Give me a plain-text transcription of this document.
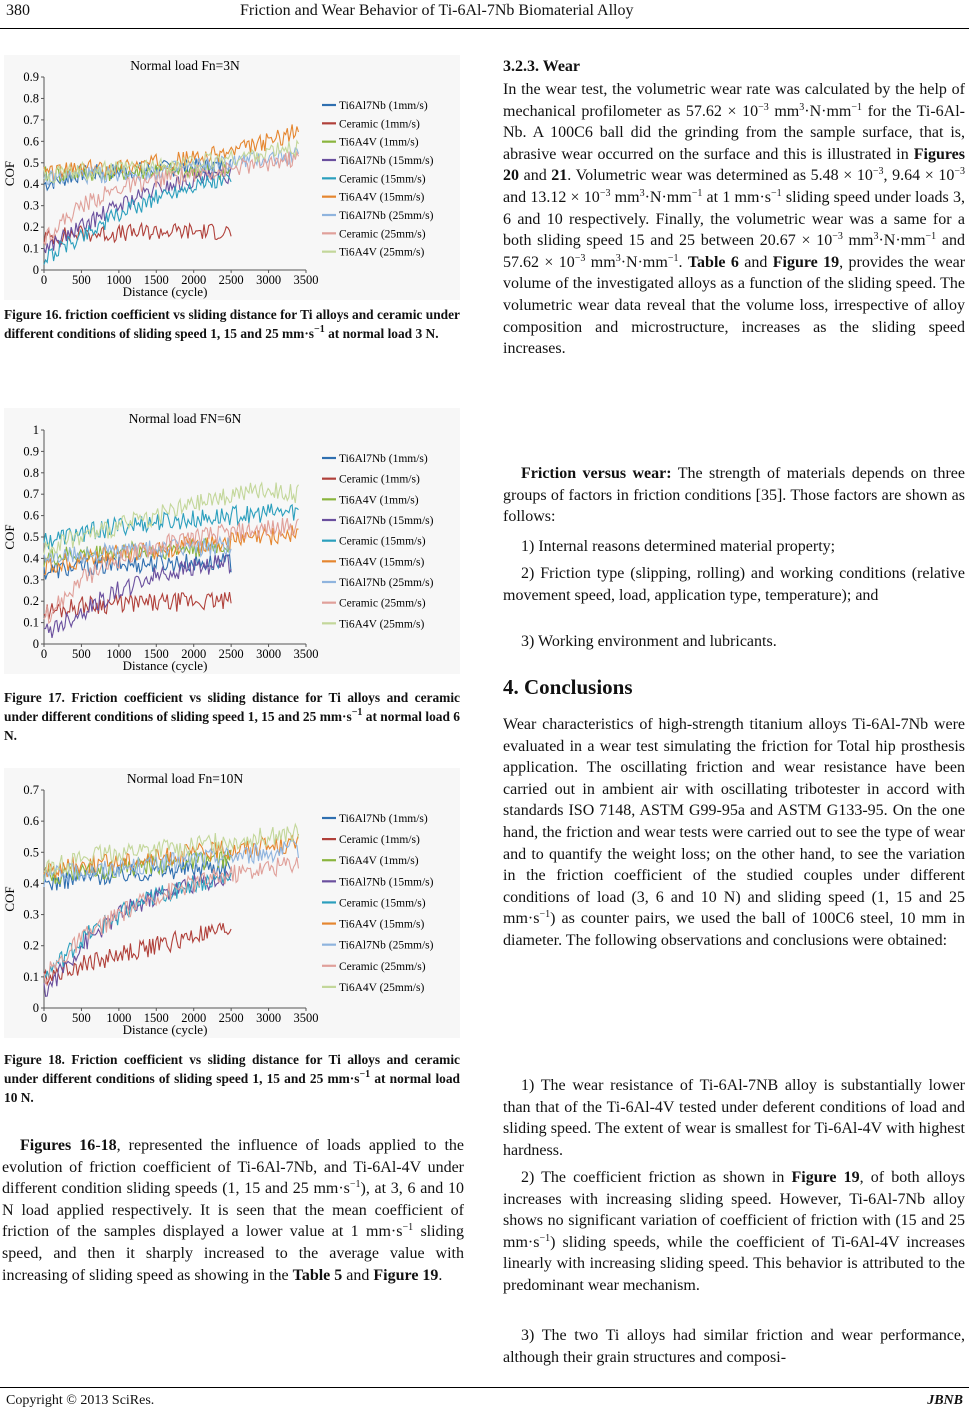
380	Friction and Wear Behavior of Ti-6Al-7Nb Biomaterial Alloy
Normal load Fn=3N
0
0.1
0.2
0.3
0.4
0.5
0.6
0.7
0.8
0.9
0 500 1000 1500 2000 2500 3000 3500
Distance (cycle)
COF
Ti6Al7Nb (1mm/s)
Ceramic (1mm/s)
Ti6A4V (1mm/s)
Ti6Al7Nb (15mm/s)
Ceramic (15mm/s)
Ti6A4V (15mm/s)
Ti6Al7Nb (25mm/s)
Ceramic (25mm/s)
Ti6A4V (25mm/s)
Figure 16. friction coefficient vs sliding distance for Ti alloys and ceramic under different conditions of sliding speed 1, 15 and 25 $mm\cdot s^{-1}$ at normal load 3 N.
Normal load FN=6N
0
0.1
0.2
0.3
0.4
0.5
0.6
0.7
0.8
0.9
1
0 500 1000 1500 2000 2500 3000 3500
Distance (cycle)
COF
Ti6Al7Nb (1mm/s)
Ceramic (1mm/s)
Ti6A4V (1mm/s)
Ti6Al7Nb (15mm/s)
Ceramic (15mm/s)
Ti6A4V (15mm/s)
Ti6Al7Nb (25mm/s)
Ceramic (25mm/s)
Ti6A4V (25mm/s)
Figure 17. Friction coefficient vs sliding distance for Ti alloys and ceramic under different conditions of sliding speed 1, 15 and 25 $mm\cdot s^{-1}$ at normal load 6 N.
Normal load Fn=10N
0
0.1
0.2
0.3
0.4
0.5
0.6
0.7
0 500 1000 1500 2000 2500 3000 3500
Distance (cycle)
COF
Ti6Al7Nb (1mm/s)
Ceramic (1mm/s)
Ti6A4V (1mm/s)
Ti6Al7Nb (15mm/s)
Ceramic (15mm/s)
Ti6A4V (15mm/s)
Ti6Al7Nb (25mm/s)
Ceramic (25mm/s)
Ti6A4V (25mm/s)
Figure 18. Friction coefficient vs sliding distance for Ti alloys and ceramic under different conditions of sliding speed 1, 15 and 25 $mm\cdot s^{-1}$ at normal load 10 N.

Figures 16-18, represented the influence of loads applied to the evolution of friction coefficient of Ti-6Al-7Nb, and Ti-6Al-4V under different condition sliding speeds (1, 15 and 25 $mm\cdot s^{-1}$), at 3, 6 and 10 N load applied respectively. It is seen that the mean coefficient of friction of the samples displayed a lower value at 1 $mm\cdot s^{-1}$ sliding speed, and then it sharply increased to the average value with increasing of sliding speed as showing in the Table 5 and Figure 19.

3.2.3. Wear

In the wear test, the volumetric wear rate was calculated by the help of mechanical profilometer as $57.62 \times 10^{-3}$ $mm^3\cdot N\cdot mm^{-1}$ for the Ti-6Al-Nb. A 100C6 ball did the grinding from the sample surface, that is, abrasive wear occurred on the surface and this is illustrated in Figures 20 and 21. Volumetric wear was determined as $5.48 \times 10^{-3}$, $9.64 \times 10^{-3}$ and $13.12 \times 10^{-3}$ $mm^3\cdot N\cdot mm^{-1}$ at 1 $mm\cdot s^{-1}$ sliding speed under loads 3, 6 and 10 respectively. Finally, the volumetric wear was a same for a both sliding speed 15 and 25 between $20.67 \times 10^{-3}$ $mm^3\cdot N\cdot mm^{-1}$ and $57.62 \times 10^{-3}$ $mm^3\cdot N\cdot mm^{-1}$. Table 6 and Figure 19, provides the wear volume of the investigated alloys as a function of the sliding speed. The volumetric wear data reveal that the volume loss, irrespective of alloy composition and microstructure, increases as the sliding speed increases.

Friction versus wear: The strength of materials depends on three groups of factors in friction conditions [35]. Those factors are shown as follows:

1) Internal reasons determined material property;

2) Friction type (slipping, rolling) and working conditions (relative movement speed, load, application type, temperature); and

3) Working environment and lubricants.

4. Conclusions

Wear characteristics of high-strength titanium alloys Ti-6Al-7Nb were evaluated in a wear test simulating the friction for Total hip prosthesis application. The oscillating friction and wear resistance have been carried out in ambient air with oscillating tribotester in accord with standards ISO 7148, ASTM G99-95a and ASTM G133-95. On the one hand, the friction and wear tests were carried out to see the type of wear and to quantify the weight loss; on the other hand, to see the variation in the friction coefficient of the studied couples under different conditions of load (3, 6 and 10 N) and sliding speed (1, 15 and 25 $mm\cdot s^{-1}$) as counter pairs, we used the ball of 100C6 steel, 10 mm in diameter. The following observations and conclusions were obtained:

1) The wear resistance of Ti-6Al-7NB alloy is substantially lower than that of the Ti-6Al-4V tested under deferent conditions of load and sliding speed. The extent of wear is smallest for Ti-6Al-4V with highest hardness.

2) The coefficient friction as shown in Figure 19, of both alloys increases with increasing sliding speed. However, Ti-6Al-7Nb alloy shows no significant variation of coefficient of friction with (15 and 25 $mm\cdot s^{-1}$) sliding speeds, while the coefficient of Ti-6Al-4V increases linearly with increasing sliding speed. This behavior is attributed to the predominant wear mechanism.

3) The two Ti alloys had similar friction and wear performance, although their grain structures and composi-

Copyright © 2013 SciRes.	JBNB
